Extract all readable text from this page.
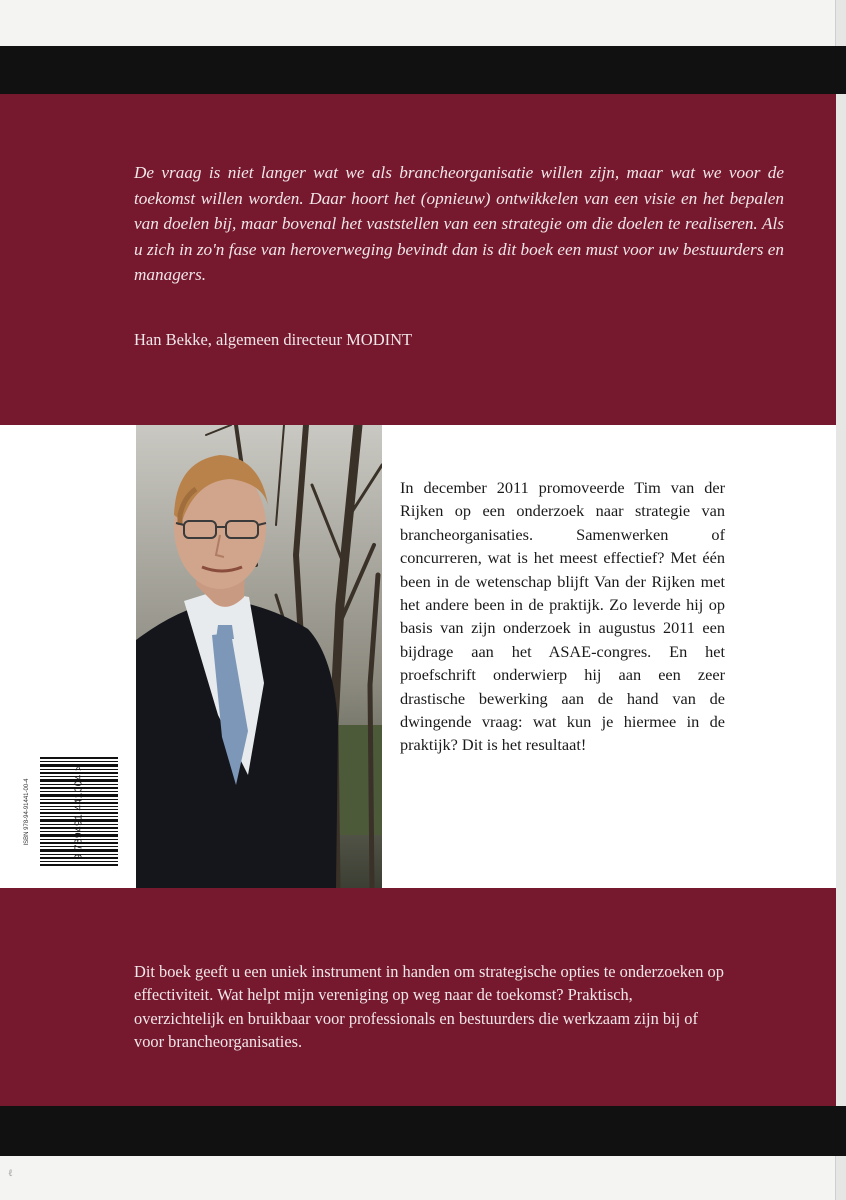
De vraag is niet langer wat we als brancheorganisatie willen zijn, maar wat we voor de toekomst willen worden. Daar hoort het (opnieuw) ontwikkelen van een visie en het bepalen van doelen bij, maar bovenal het vaststellen van een strategie om die doelen te realiseren. Als u zich in zo'n fase van heroverweging bevindt dan is dit boek een must voor uw bestuurders en managers.

Han Bekke, algemeen directeur MODINT

In december 2011 promoveerde Tim van der Rijken op een onderzoek naar strategie van brancheorganisaties. Samenwerken of concurreren, wat is het meest effectief? Met één been in de wetenschap blijft Van der Rijken met het andere been in de praktijk. Zo leverde hij op basis van zijn onderzoek in augustus 2011 een bijdrage aan het ASAE-congres. En het proefschrift onderwierp hij aan een zeer drastische bewerking aan de hand van de dwingende vraag: wat kun je hiermee in de praktijk? Dit is het resultaat!

9 789491 441004 >
ISBN 978-94-91441-00-4

Dit boek geeft u een uniek instrument in handen om strategische opties te onderzoeken op effectiviteit. Wat helpt mijn vereniging op weg naar de toekomst? Praktisch, overzichtelijk en bruikbaar voor professionals en bestuurders die werkzaam zijn bij of voor brancheorganisaties.

ℓ
